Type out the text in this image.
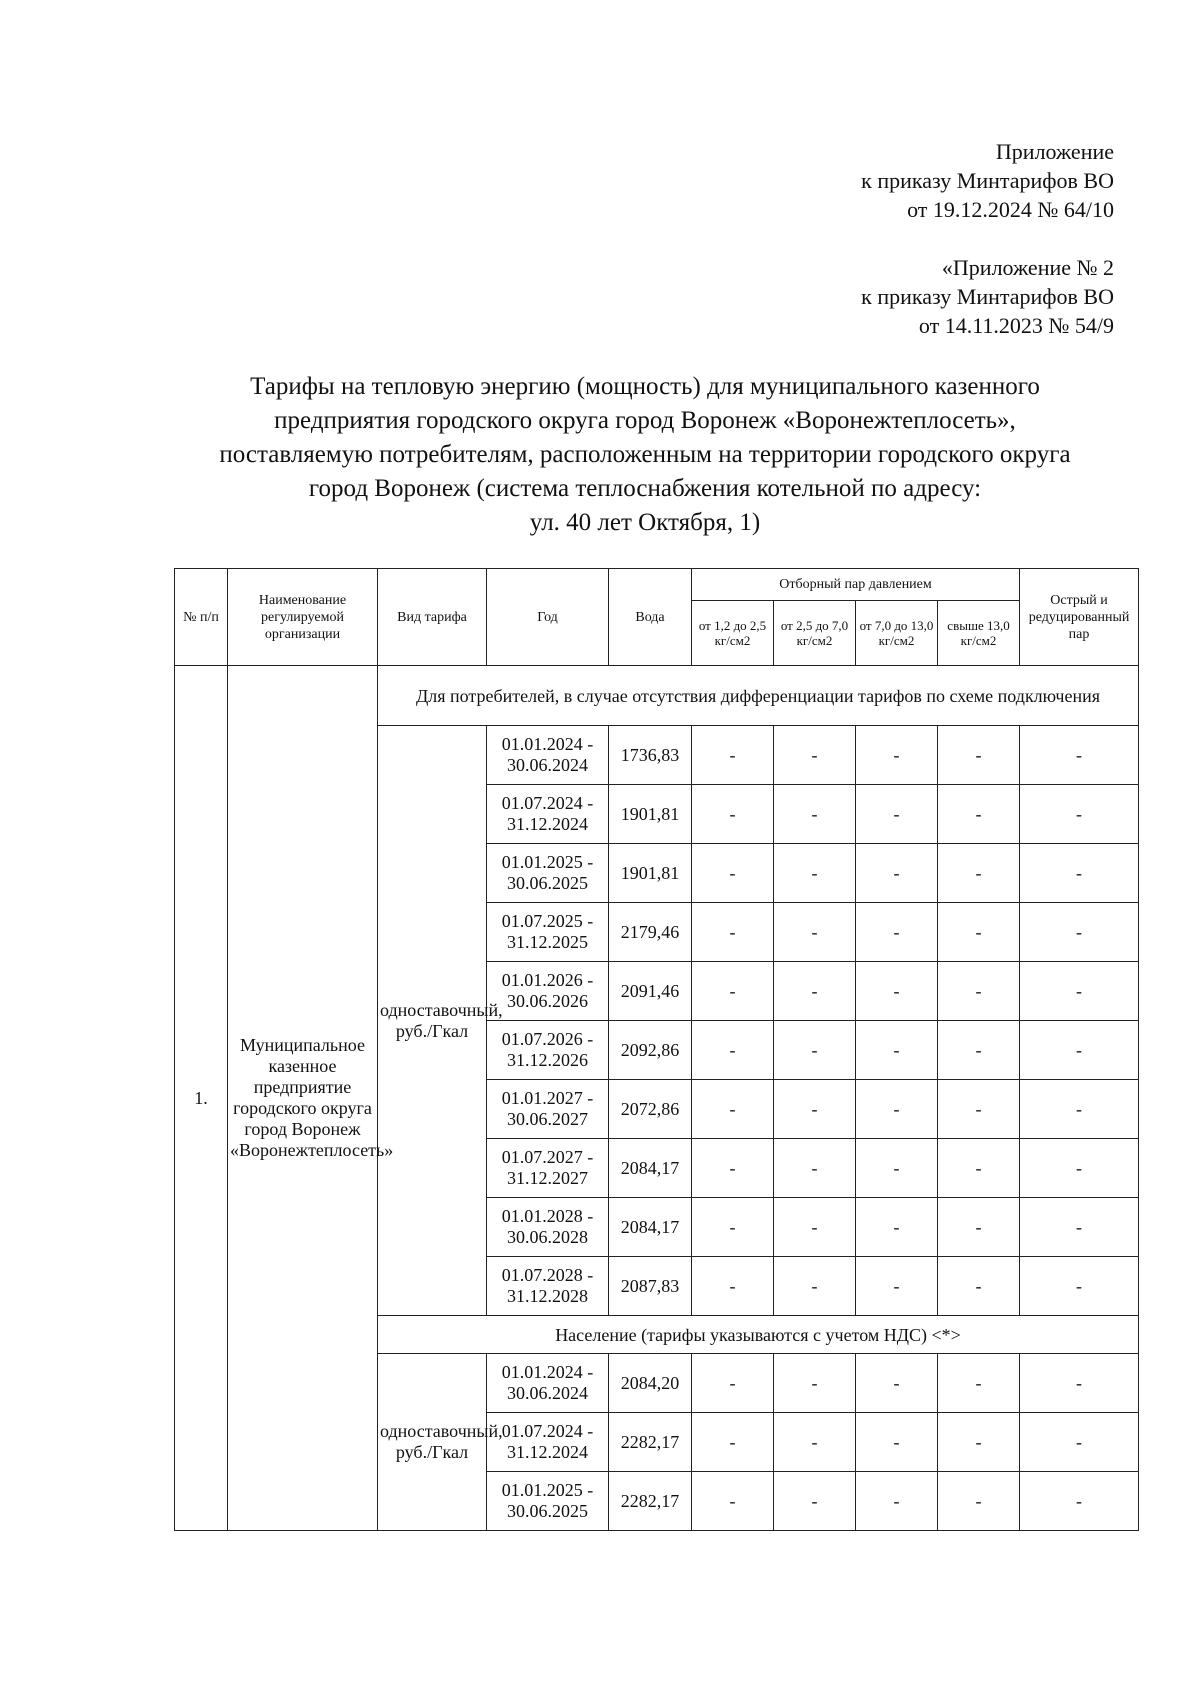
Приложение
к приказу Минтарифов ВО
от 19.12.2024 № 64/10
«Приложение № 2
к приказу Минтарифов ВО
от 14.11.2023 № 54/9
Тарифы на тепловую энергию (мощность) для муниципального казенного
предприятия городского округа город Воронеж «Воронежтеплосеть»,
поставляемую потребителям, расположенным на территории городского округа
город Воронеж (система теплоснабжения котельной по адресу:
ул. 40 лет Октября, 1)
№ п/п	Наименование регулируемой организации	Вид тарифа	Год	Вода	Отборный пар давлением				Острый и редуцированный пар
					от 1,2 до 2,5 кг/см2	от 2,5 до 7,0 кг/см2	от 7,0 до 13,0 кг/см2	свыше 13,0 кг/см2	
1.	Муниципальное казенное предприятие городского округа город Воронеж «Воронежтеплосеть»	Для потребителей, в случае отсутствия дифференциации тарифов по схеме подключения							
		одноставочный, руб./Гкал	01.01.2024 - 30.06.2024	1736,83	-	-	-	-	-
			01.07.2024 - 31.12.2024	1901,81	-	-	-	-	-
			01.01.2025 - 30.06.2025	1901,81	-	-	-	-	-
			01.07.2025 - 31.12.2025	2179,46	-	-	-	-	-
			01.01.2026 - 30.06.2026	2091,46	-	-	-	-	-
			01.07.2026 - 31.12.2026	2092,86	-	-	-	-	-
			01.01.2027 - 30.06.2027	2072,86	-	-	-	-	-
			01.07.2027 - 31.12.2027	2084,17	-	-	-	-	-
			01.01.2028 - 30.06.2028	2084,17	-	-	-	-	-
			01.07.2028 - 31.12.2028	2087,83	-	-	-	-	-
		Население (тарифы указываются с учетом НДС) <*>							
		одноставочный, руб./Гкал	01.01.2024 - 30.06.2024	2084,20	-	-	-	-	-
			01.07.2024 - 31.12.2024	2282,17	-	-	-	-	-
			01.01.2025 - 30.06.2025	2282,17	-	-	-	-	-
